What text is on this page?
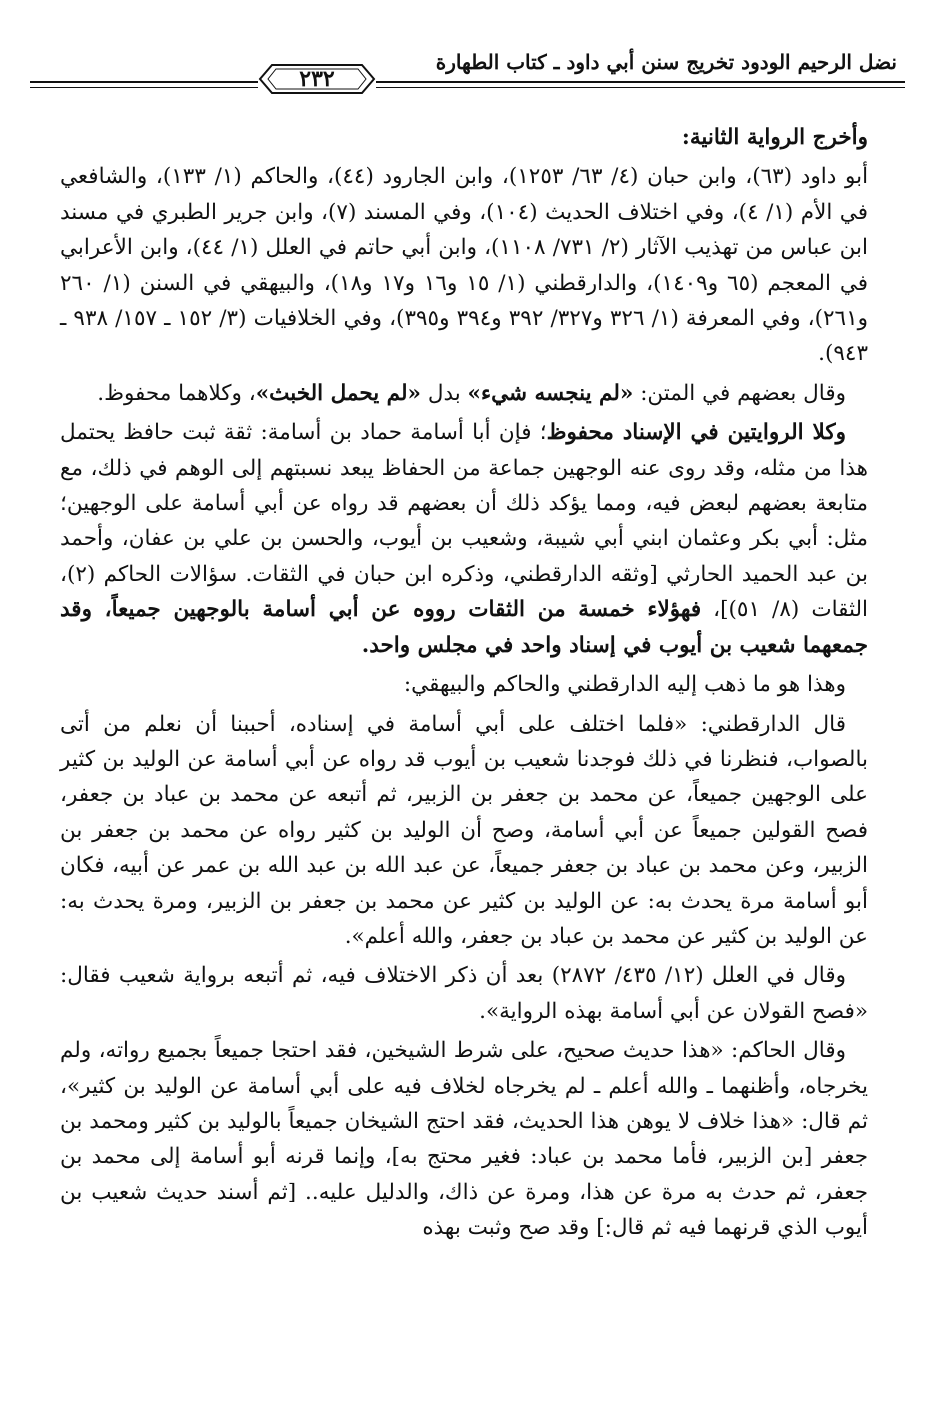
نضل الرحيم الودود تخريج سنن أبي داود ـ كتاب الطهارة
٢٣٢

وأخرج الرواية الثانية:

أبو داود (٦٣)، وابن حبان (٤/ ٦٣/ ١٢٥٣)، وابن الجارود (٤٤)، والحاكم (١/ ١٣٣)، والشافعي في الأم (١/ ٤)، وفي اختلاف الحديث (١٠٤)، وفي المسند (٧)، وابن جرير الطبري في مسند ابن عباس من تهذيب الآثار (٢/ ٧٣١/ ١١٠٨)، وابن أبي حاتم في العلل (١/ ٤٤)، وابن الأعرابي في المعجم (٦٥ و١٤٠٩)، والدارقطني (١/ ١٥ و١٦ و١٧ و١٨)، والبيهقي في السنن (١/ ٢٦٠ و٢٦١)، وفي المعرفة (١/ ٣٢٦ و٣٢٧/ ٣٩٢ و٣٩٤ و٣٩٥)، وفي الخلافيات (٣/ ١٥٢ ـ ١٥٧/ ٩٣٨ ـ ٩٤٣).

وقال بعضهم في المتن: «لم ينجسه شيء» بدل «لم يحمل الخبث»، وكلاهما محفوظ.

وكلا الروايتين في الإسناد محفوظ؛ فإن أبا أسامة حماد بن أسامة: ثقة ثبت حافظ يحتمل هذا من مثله، وقد روى عنه الوجهين جماعة من الحفاظ يبعد نسبتهم إلى الوهم في ذلك، مع متابعة بعضهم لبعض فيه، ومما يؤكد ذلك أن بعضهم قد رواه عن أبي أسامة على الوجهين؛ مثل: أبي بكر وعثمان ابني أبي شيبة، وشعيب بن أيوب، والحسن بن علي بن عفان، وأحمد بن عبد الحميد الحارثي [وثقه الدارقطني، وذكره ابن حبان في الثقات. سؤالات الحاكم (٢)، الثقات (٨/ ٥١)]، فهؤلاء خمسة من الثقات رووه عن أبي أسامة بالوجهين جميعاً، وقد جمعهما شعيب بن أيوب في إسناد واحد في مجلس واحد.

وهذا هو ما ذهب إليه الدارقطني والحاكم والبيهقي:

قال الدارقطني: «فلما اختلف على أبي أسامة في إسناده، أحببنا أن نعلم من أتى بالصواب، فنظرنا في ذلك فوجدنا شعيب بن أيوب قد رواه عن أبي أسامة عن الوليد بن كثير على الوجهين جميعاً، عن محمد بن جعفر بن الزبير، ثم أتبعه عن محمد بن عباد بن جعفر، فصح القولين جميعاً عن أبي أسامة، وصح أن الوليد بن كثير رواه عن محمد بن جعفر بن الزبير، وعن محمد بن عباد بن جعفر جميعاً، عن عبد الله بن عبد الله بن عمر عن أبيه، فكان أبو أسامة مرة يحدث به: عن الوليد بن كثير عن محمد بن جعفر بن الزبير، ومرة يحدث به: عن الوليد بن كثير عن محمد بن عباد بن جعفر، والله أعلم».

وقال في العلل (١٢/ ٤٣٥/ ٢٨٧٢) بعد أن ذكر الاختلاف فيه، ثم أتبعه برواية شعيب فقال: «فصح القولان عن أبي أسامة بهذه الرواية».

وقال الحاكم: «هذا حديث صحيح، على شرط الشيخين، فقد احتجا جميعاً بجميع رواته، ولم يخرجاه، وأظنهما ـ والله أعلم ـ لم يخرجاه لخلاف فيه على أبي أسامة عن الوليد بن كثير»، ثم قال: «هذا خلاف لا يوهن هذا الحديث، فقد احتج الشيخان جميعاً بالوليد بن كثير ومحمد بن جعفر [بن الزبير، فأما محمد بن عباد: فغير محتج به]، وإنما قرنه أبو أسامة إلى محمد بن جعفر، ثم حدث به مرة عن هذا، ومرة عن ذاك، والدليل عليه.. [ثم أسند حديث شعيب بن أيوب الذي قرنهما فيه ثم قال:] وقد صح وثبت بهذه
